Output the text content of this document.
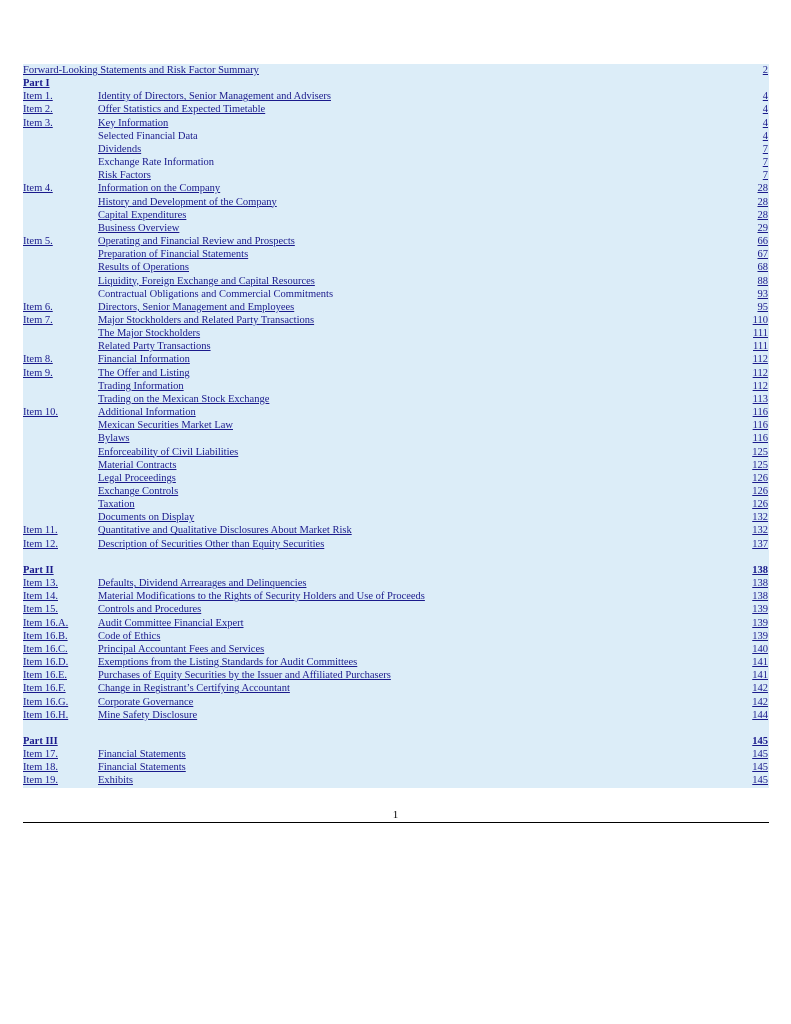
Forward-Looking Statements and Risk Factor Summary	2
Part I
Item 1.	Identity of Directors, Senior Management and Advisers	4
Item 2.	Offer Statistics and Expected Timetable	4
Item 3.	Key Information	4
Selected Financial Data	4
Dividends	7
Exchange Rate Information	7
Risk Factors	7
Item 4.	Information on the Company	28
History and Development of the Company	28
Capital Expenditures	28
Business Overview	29
Item 5.	Operating and Financial Review and Prospects	66
Preparation of Financial Statements	67
Results of Operations	68
Liquidity, Foreign Exchange and Capital Resources	88
Contractual Obligations and Commercial Commitments	93
Item 6.	Directors, Senior Management and Employees	95
Item 7.	Major Stockholders and Related Party Transactions	110
The Major Stockholders	111
Related Party Transactions	111
Item 8.	Financial Information	112
Item 9.	The Offer and Listing	112
Trading Information	112
Trading on the Mexican Stock Exchange	113
Item 10.	Additional Information	116
Mexican Securities Market Law	116
Bylaws	116
Enforceability of Civil Liabilities	125
Material Contracts	125
Legal Proceedings	126
Exchange Controls	126
Taxation	126
Documents on Display	132
Item 11.	Quantitative and Qualitative Disclosures About Market Risk	132
Item 12.	Description of Securities Other than Equity Securities	137
Part II	138
Item 13.	Defaults, Dividend Arrearages and Delinquencies	138
Item 14.	Material Modifications to the Rights of Security Holders and Use of Proceeds	138
Item 15.	Controls and Procedures	139
Item 16.A.	Audit Committee Financial Expert	139
Item 16.B.	Code of Ethics	139
Item 16.C.	Principal Accountant Fees and Services	140
Item 16.D.	Exemptions from the Listing Standards for Audit Committees	141
Item 16.E.	Purchases of Equity Securities by the Issuer and Affiliated Purchasers	141
Item 16.F.	Change in Registrant’s Certifying Accountant	142
Item 16.G.	Corporate Governance	142
Item 16.H.	Mine Safety Disclosure	144
Part III	145
Item 17.	Financial Statements	145
Item 18.	Financial Statements	145
Item 19.	Exhibits	145
1
